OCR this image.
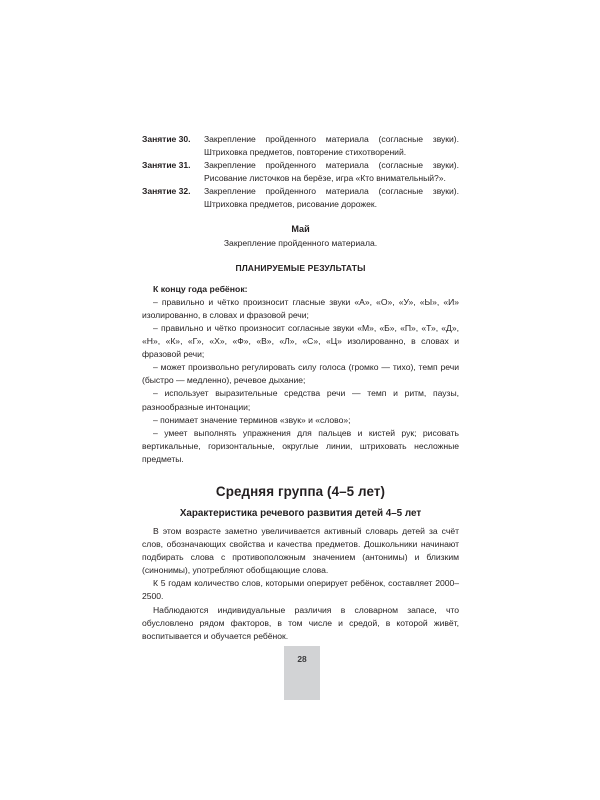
Занятие 30.	Закрепление пройденного материала (согласные звуки). Штриховка предметов, повторение стихотворений.
Занятие 31.	Закрепление пройденного материала (согласные звуки). Рисование листочков на берёзе, игра «Кто внимательный?».
Занятие 32.	Закрепление пройденного материала (согласные звуки). Штриховка предметов, рисование дорожек.
Май
Закрепление пройденного материала.
ПЛАНИРУЕМЫЕ РЕЗУЛЬТАТЫ
К концу года ребёнок:

– правильно и чётко произносит гласные звуки «А», «О», «У», «Ы», «И» изолированно, в словах и фразовой речи;

– правильно и чётко произносит согласные звуки «М», «Б», «П», «Т», «Д», «Н», «К», «Г», «Х», «Ф», «В», «Л», «С», «Ц» изолированно, в словах и фразовой речи;

– может произвольно регулировать силу голоса (громко — тихо), темп речи (быстро — медленно), речевое дыхание;

– использует выразительные средства речи — темп и ритм, паузы, разнообразные интонации;

– понимает значение терминов «звук» и «слово»;

– умеет выполнять упражнения для пальцев и кистей рук; рисовать вертикальные, горизонтальные, округлые линии, штриховать несложные предметы.

Средняя группа (4–5 лет)
Характеристика речевого развития детей 4–5 лет

В этом возрасте заметно увеличивается активный словарь детей за счёт слов, обозначающих свойства и качества предметов. Дошкольники начинают подбирать слова с противоположным значением (антонимы) и близким (синонимы), употребляют обобщающие слова.

К 5 годам количество слов, которыми оперирует ребёнок, составляет 2000–2500.

Наблюдаются индивидуальные различия в словарном запасе, что обусловлено рядом факторов, в том числе и средой, в которой живёт, воспитывается и обучается ребёнок.

28
